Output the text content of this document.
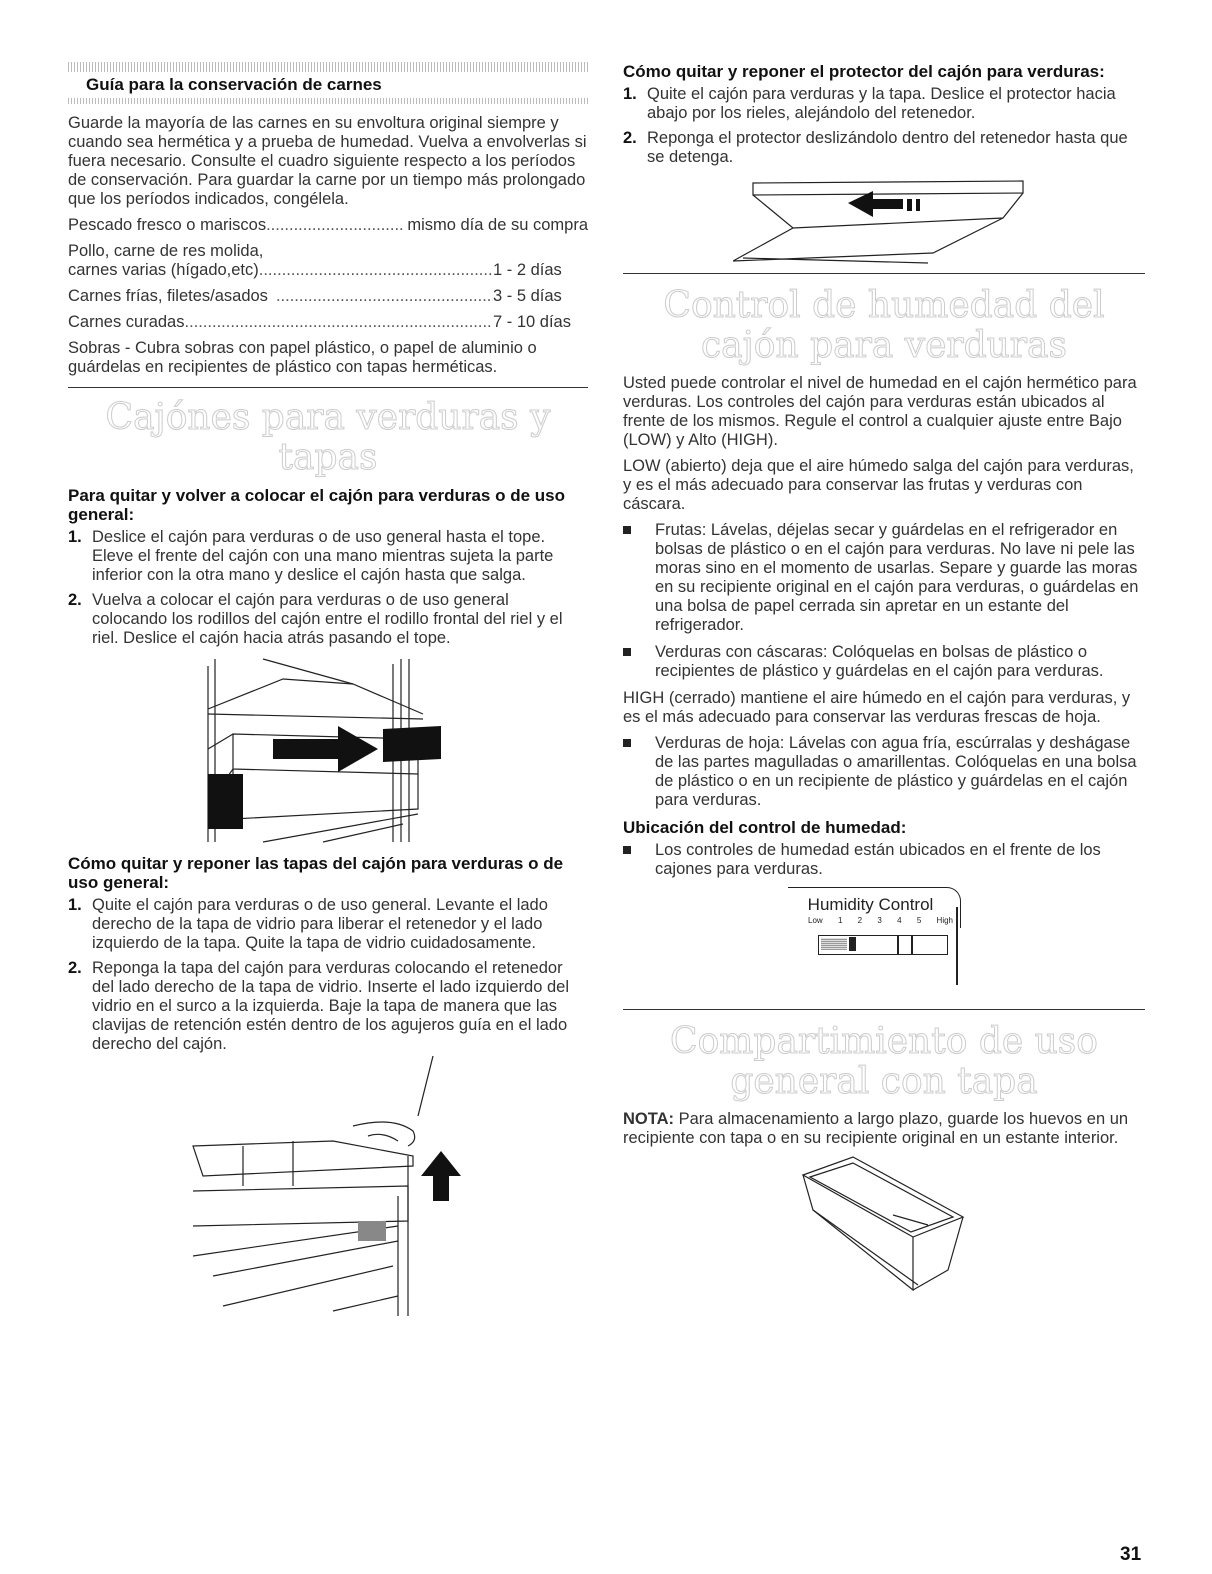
Guía para la conservación de carnes

Guarde la mayoría de las carnes en su envoltura original siempre y cuando sea hermética y a prueba de humedad. Vuelva a envolverlas si fuera necesario. Consulte el cuadro siguiente respecto a los períodos de conservación. Para guardar la carne por un tiempo más prolongado que los períodos indicados, congélela.

Pescado fresco o mariscos .....	mismo día de su compra

Pollo, carne de res molida,

carnes varias (hígado,etc) .....	1 - 2 días
Carnes frías, filetes/asados .....	3 - 5 días
Carnes curadas .....	7 - 10 días

Sobras - Cubra sobras con papel plástico, o papel de aluminio o guárdelas en recipientes de plástico con tapas herméticas.

Cajónes para verduras y tapas
Para quitar y volver a colocar el cajón para verduras o de uso general:
1. Deslice el cajón para verduras o de uso general hasta el tope. Eleve el frente del cajón con una mano mientras sujeta la parte inferior con la otra mano y deslice el cajón hasta que salga.
2. Vuelva a colocar el cajón para verduras o de uso general colocando los rodillos del cajón entre el rodillo frontal del riel y el riel. Deslice el cajón hacia atrás pasando el tope.
Cómo quitar y reponer las tapas del cajón para verduras o de uso general:
1. Quite el cajón para verduras o de uso general. Levante el lado derecho de la tapa de vidrio para liberar el retenedor y el lado izquierdo de la tapa. Quite la tapa de vidrio cuidadosamente.
2. Reponga la tapa del cajón para verduras colocando el retenedor del lado derecho de la tapa de vidrio. Inserte el lado izquierdo del vidrio en el surco a la izquierda. Baje la tapa de manera que las clavijas de retención estén dentro de los agujeros guía en el lado derecho del cajón.
Cómo quitar y reponer el protector del cajón para verduras:
1. Quite el cajón para verduras y la tapa. Deslice el protector hacia abajo por los rieles, alejándolo del retenedor.
2. Reponga el protector deslizándolo dentro del retenedor hasta que se detenga.
Control de humedad del cajón para verduras

Usted puede controlar el nivel de humedad en el cajón hermético para verduras. Los controles del cajón para verduras están ubicados al frente de los mismos. Regule el control a cualquier ajuste entre Bajo (LOW) y Alto (HIGH).

LOW (abierto) deja que el aire húmedo salga del cajón para verduras, y es el más adecuado para conservar las frutas y verduras con cáscara.

Frutas: Lávelas, déjelas secar y guárdelas en el refrigerador en bolsas de plástico o en el cajón para verduras. No lave ni pele las moras sino en el momento de usarlas. Separe y guarde las moras en su recipiente original en el cajón para verduras, o guárdelas en una bolsa de papel cerrada sin apretar en un estante del refrigerador.
Verduras con cáscaras: Colóquelas en bolsas de plástico o recipientes de plástico y guárdelas en el cajón para verduras.

HIGH (cerrado) mantiene el aire húmedo en el cajón para verduras, y es el más adecuado para conservar las verduras frescas de hoja.

Verduras de hoja: Lávelas con agua fría, escúrralas y deshágase de las partes magulladas o amarillentas. Colóquelas en una bolsa de plástico o en un recipiente de plástico y guárdelas en el cajón para verduras.
Ubicación del control de humedad:
Los controles de humedad están ubicados en el frente de los cajones para verduras.
Humidity Control
Low 1 2 3 4 5 High
Compartimiento de uso general con tapa

NOTA: Para almacenamiento a largo plazo, guarde los huevos en un recipiente con tapa o en su recipiente original en un estante interior.

31
